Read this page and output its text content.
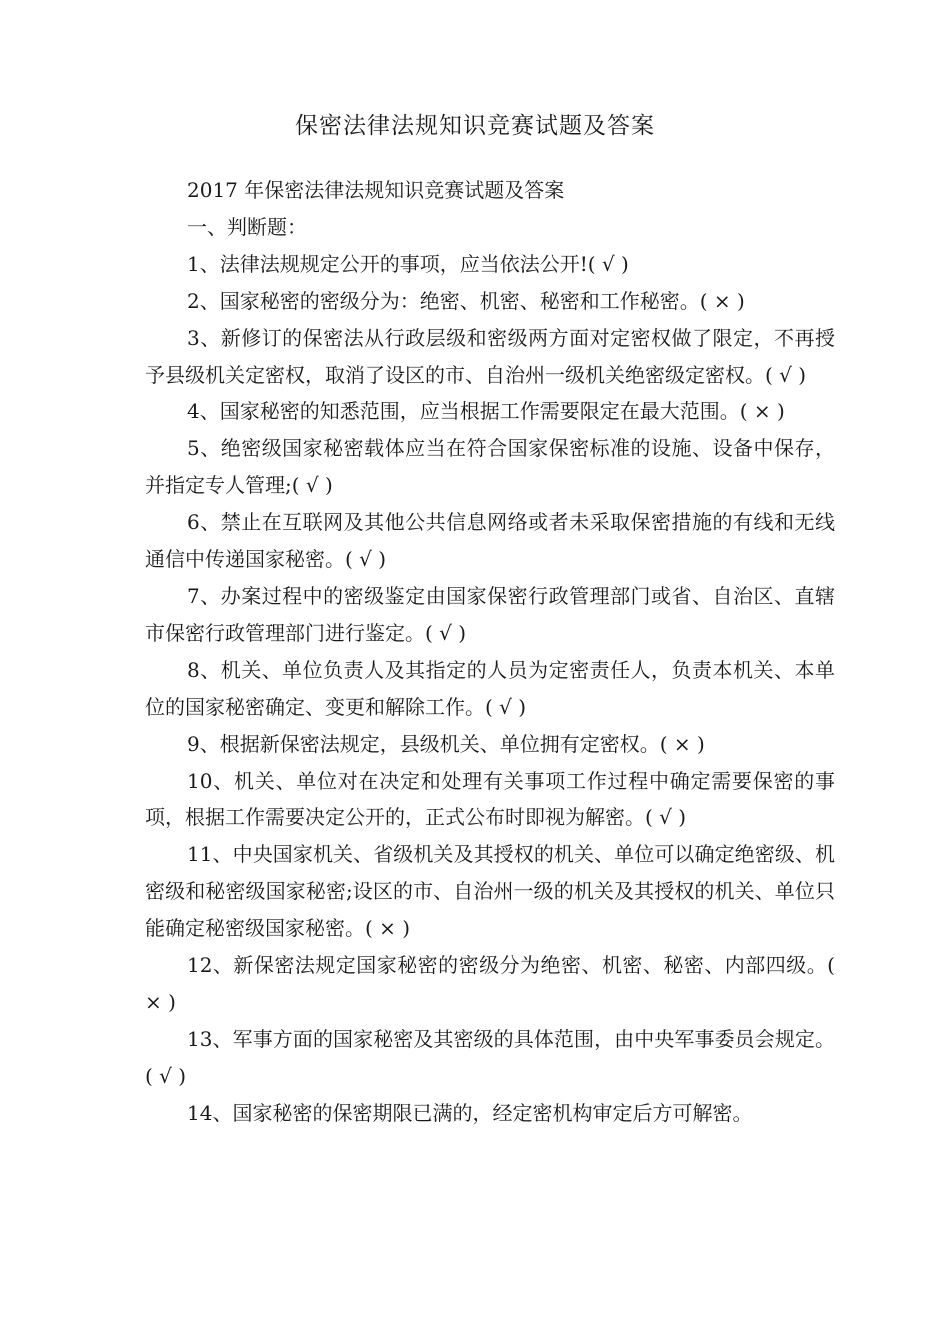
保密法律法规知识竞赛试题及答案

2017 年保密法律法规知识竞赛试题及答案

一、判断题：

1、法律法规规定公开的事项，应当依法公开!( √ )

2、国家秘密的密级分为：绝密、机密、秘密和工作秘密。( × )

3、新修订的保密法从行政层级和密级两方面对定密权做了限定，不再授予县级机关定密权，取消了设区的市、自治州一级机关绝密级定密权。( √ )

4、国家秘密的知悉范围，应当根据工作需要限定在最大范围。( × )

5、绝密级国家秘密载体应当在符合国家保密标准的设施、设备中保存，并指定专人管理;( √ )

6、禁止在互联网及其他公共信息网络或者未采取保密措施的有线和无线通信中传递国家秘密。( √ )

7、办案过程中的密级鉴定由国家保密行政管理部门或省、自治区、直辖市保密行政管理部门进行鉴定。( √ )

8、机关、单位负责人及其指定的人员为定密责任人，负责本机关、本单位的国家秘密确定、变更和解除工作。( √ )

9、根据新保密法规定，县级机关、单位拥有定密权。( × )

10、机关、单位对在决定和处理有关事项工作过程中确定需要保密的事项，根据工作需要决定公开的，正式公布时即视为解密。( √ )

11、中央国家机关、省级机关及其授权的机关、单位可以确定绝密级、机密级和秘密级国家秘密;设区的市、自治州一级的机关及其授权的机关、单位只能确定秘密级国家秘密。( × )

12、新保密法规定国家秘密的密级分为绝密、机密、秘密、内部四级。( × )

13、军事方面的国家秘密及其密级的具体范围，由中央军事委员会规定。( √ )

14、国家秘密的保密期限已满的，经定密机构审定后方可解密。
